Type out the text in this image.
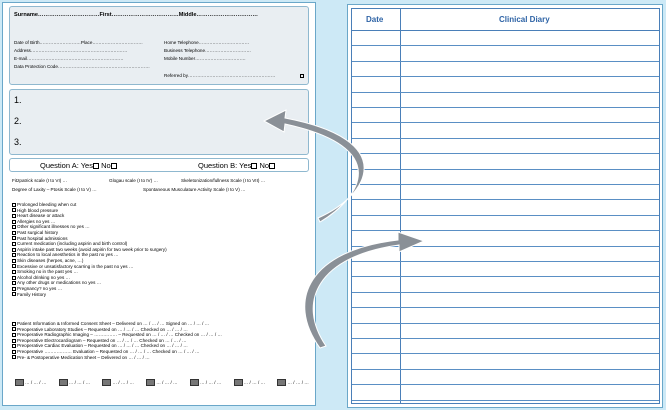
Surname……………………………First………………………………Middle……………………………
Date of Birth………………………Place……………………………	Home Telephone……………………………
Address………………………………………………………	Business Telephone…………………………
E-mail………………………………………………………	Mobile Number……………………………
Data Protection Code……………………………………………………
Referred by…………………………………………………
1.
2.
3.
Question A: Yes No	Question B: Yes No
Fitzpatrick scale (I to VI) …	Glogau scale (I to IV) …	Skeletonization/fullness Scale (I to VII) …
Degree of Laxity – Ptosis Scale (I to V) …	Spontaneous Musculature Activity Scale (I to V) …
Prolonged bleeding when cut
High blood pressure
Heart disease or attack
Allergies no yes …
Other significant illnesses no yes …
Past surgical history
Past hospital admissions
Current medication (including aspirin and birth control)
Aspirin intake past two weeks (avoid aspirin for two week prior to surgery)
Reaction to local anesthetics in the past no yes …
Skin diseases (herpes, acne, …)
Excessive or unsatisfactory scarring in the past no yes …
Smoking no in the past yes …
Alcohol drinking no yes …
Any other drugs or medications no yes …
Pregnancy? no yes …
Family History
Patient Information & Informed Consent Sheet – Delivered on … / … / … Signed on … / … / …
Preoperative Laboratory Studies – Requested on … / … / … Checked on … / … / …
Preoperative Radiographic Imaging – …………… – Requested on … / … / … Checked on … / … / …
Preoperative Electrocardiogram – Requested on … / … / … Checked on … / … / …
Preoperative Cardiac Evaluation – Requested on … / … / … Checked on … / … / …
Preoperative ……………… Evaluation – Requested on … / … / … Checked on … / … / …
Pre- & Postoperative Medication Sheet – Delivered on … / … / …
… / … / …	… / … / …	… / … / …	… / … / …	… / … / …	… / … / …	… / … / …
Date	Clinical Diary
